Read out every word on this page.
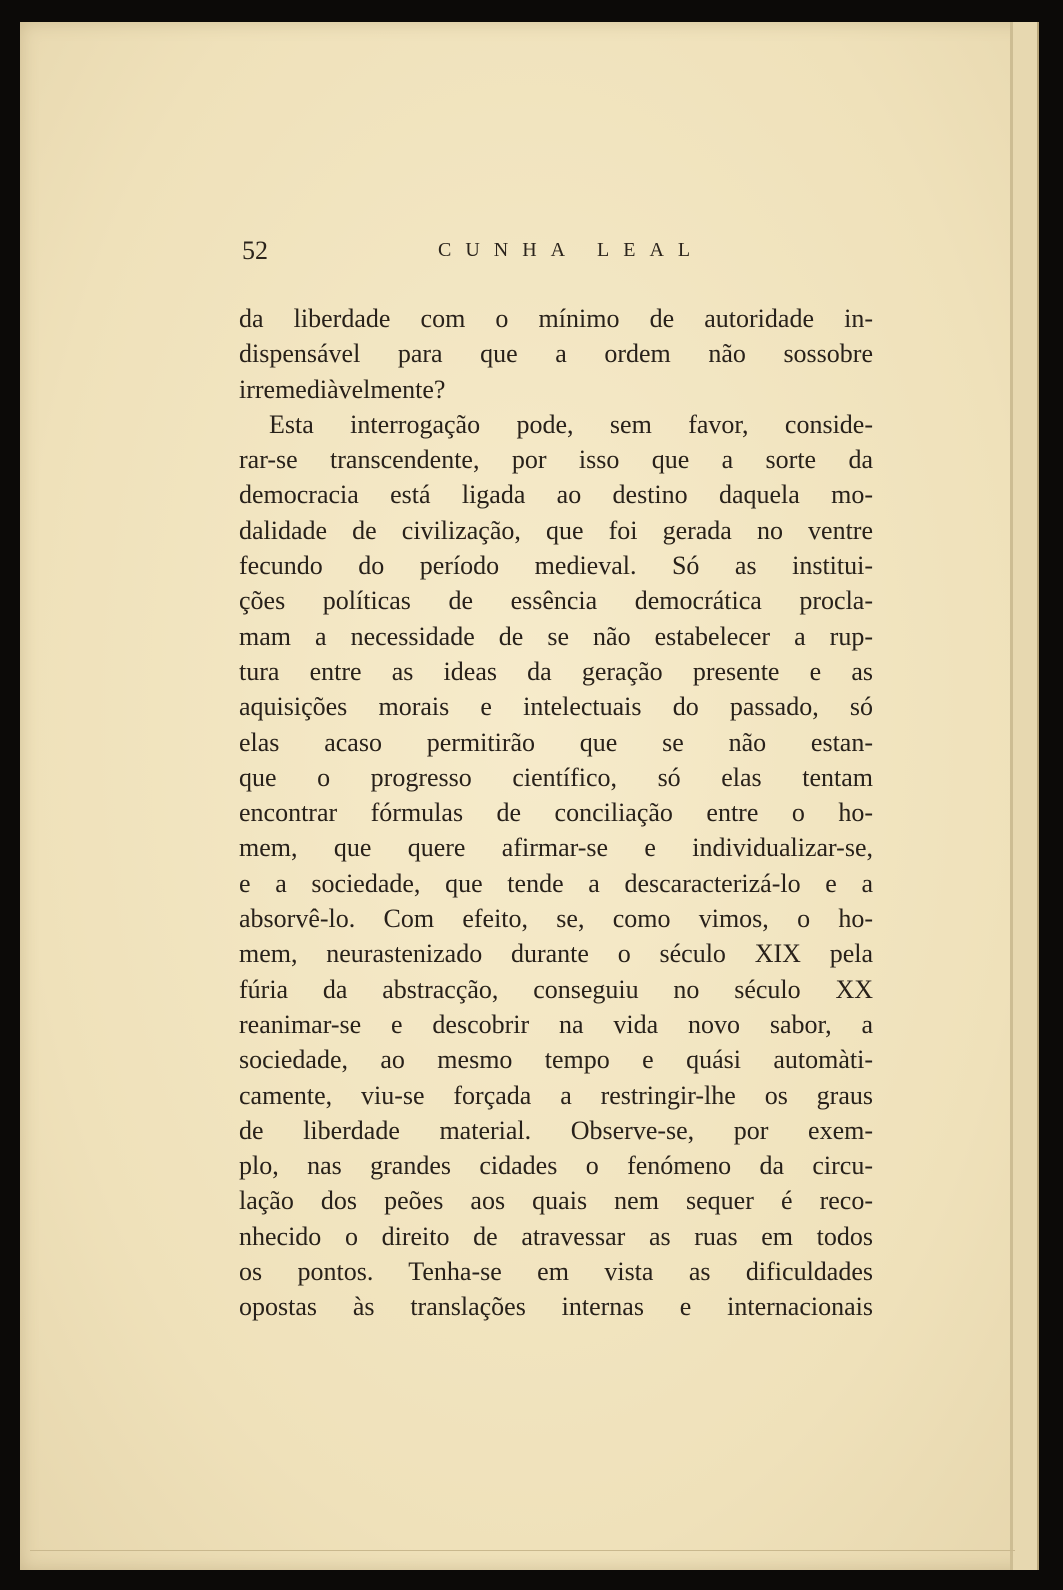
52	CUNHA LEAL
da liberdade com o mínimo de autoridade in-
dispensável para que a ordem não sossobre
irremediàvelmente?
Esta interrogação pode, sem favor, conside-
rar-se transcendente, por isso que a sorte da
democracia está ligada ao destino daquela mo-
dalidade de civilização, que foi gerada no ventre
fecundo do período medieval. Só as institui-
ções políticas de essência democrática procla-
mam a necessidade de se não estabelecer a rup-
tura entre as ideas da geração presente e as
aquisições morais e intelectuais do passado, só
elas acaso permitirão que se não estan-
que o progresso científico, só elas tentam
encontrar fórmulas de conciliação entre o ho-
mem, que quere afirmar-se e individualizar-se,
e a sociedade, que tende a descaracterizá-lo e a
absorvê-lo. Com efeito, se, como vimos, o ho-
mem, neurastenizado durante o século XIX pela
fúria da abstracção, conseguiu no século XX
reanimar-se e descobrir na vida novo sabor, a
sociedade, ao mesmo tempo e quási automàti-
camente, viu-se forçada a restringir-lhe os graus
de liberdade material. Observe-se, por exem-
plo, nas grandes cidades o fenómeno da circu-
lação dos peões aos quais nem sequer é reco-
nhecido o direito de atravessar as ruas em todos
os pontos. Tenha-se em vista as dificuldades
opostas às translações internas e internacionais
